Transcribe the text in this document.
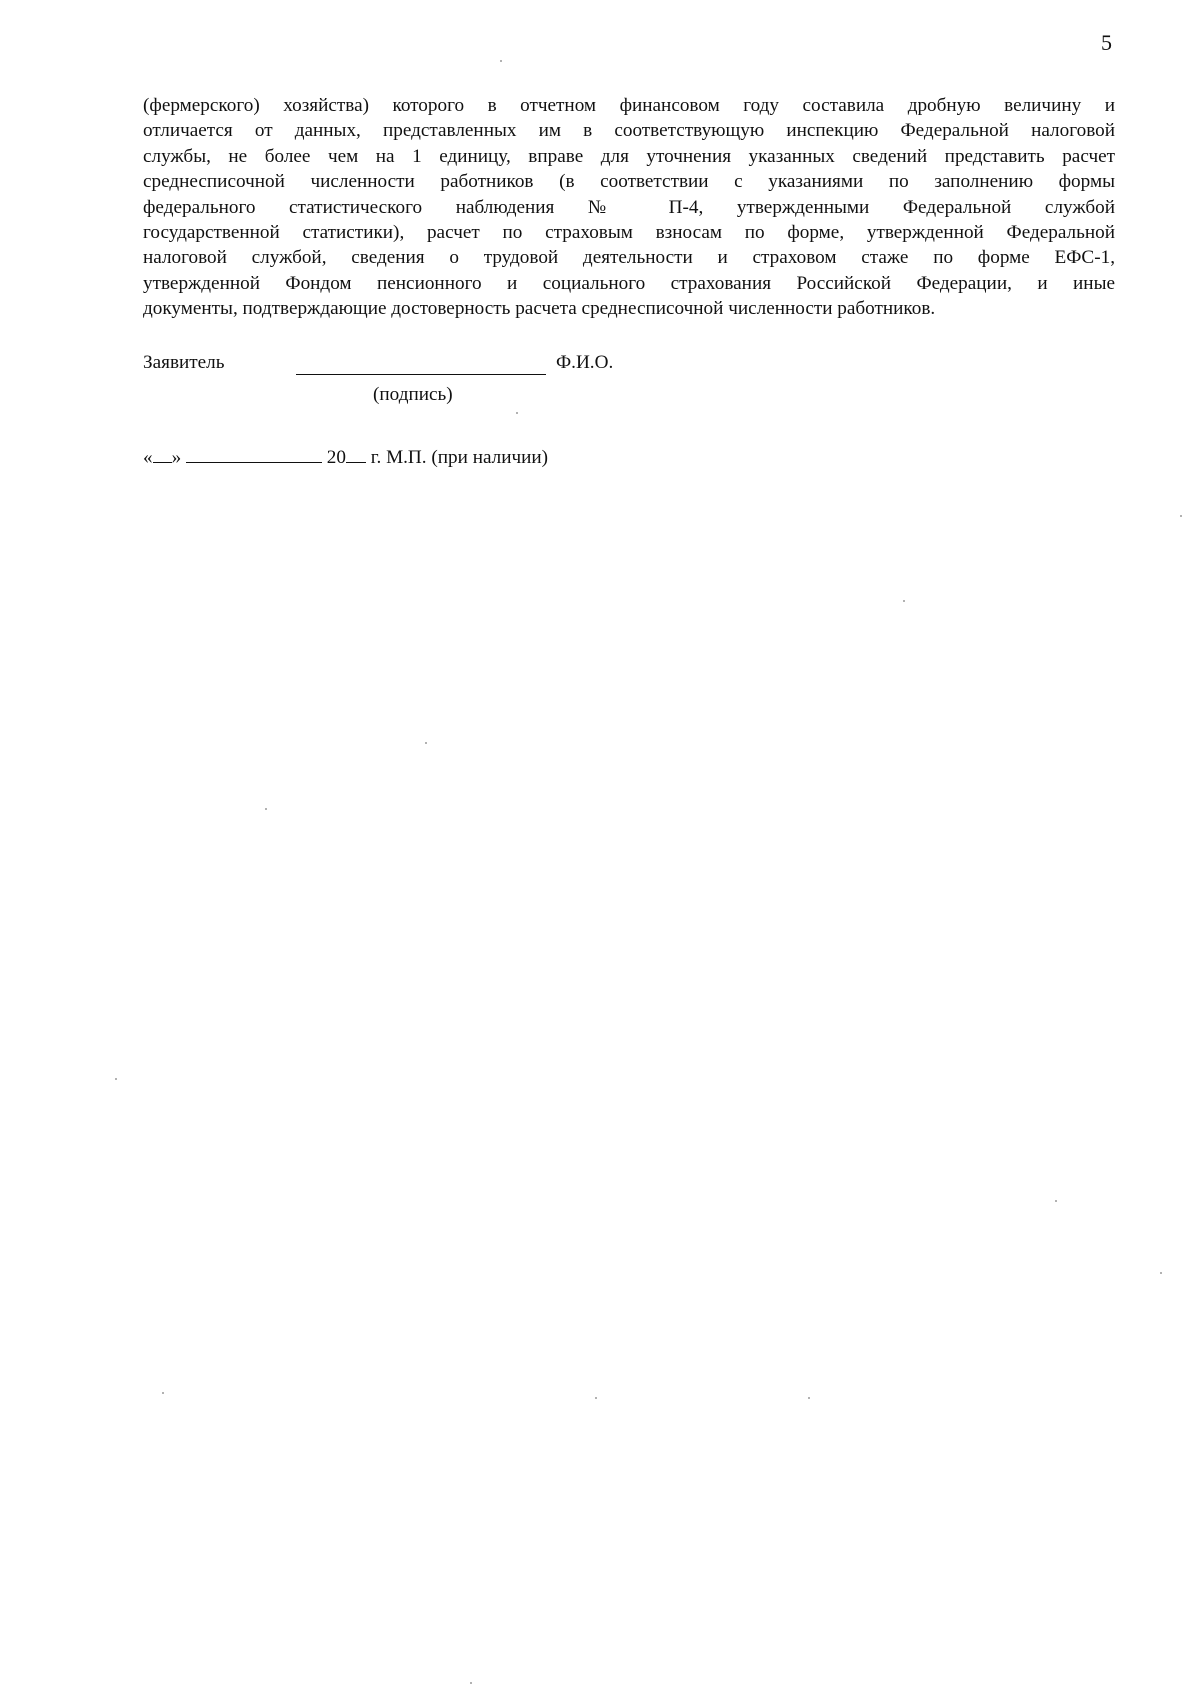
5
(фермерского) хозяйства) которого в отчетном финансовом году составила дробную величину и
отличается от данных, представленных им в соответствующую инспекцию Федеральной налоговой
службы, не более чем на 1 единицу, вправе для уточнения указанных сведений представить расчет
среднесписочной численности работников (в соответствии с указаниями по заполнению формы
федерального статистического наблюдения № П-4, утвержденными Федеральной службой
государственной статистики), расчет по страховым взносам по форме, утвержденной Федеральной
налоговой службой, сведения о трудовой деятельности и страховом стаже по форме ЕФС-1,
утвержденной Фондом пенсионного и социального страхования Российской Федерации, и иные
документы, подтверждающие достоверность расчета среднесписочной численности работников.
Заявитель	Ф.И.О.
(подпись)
« »	20 г. М.П. (при наличии)
